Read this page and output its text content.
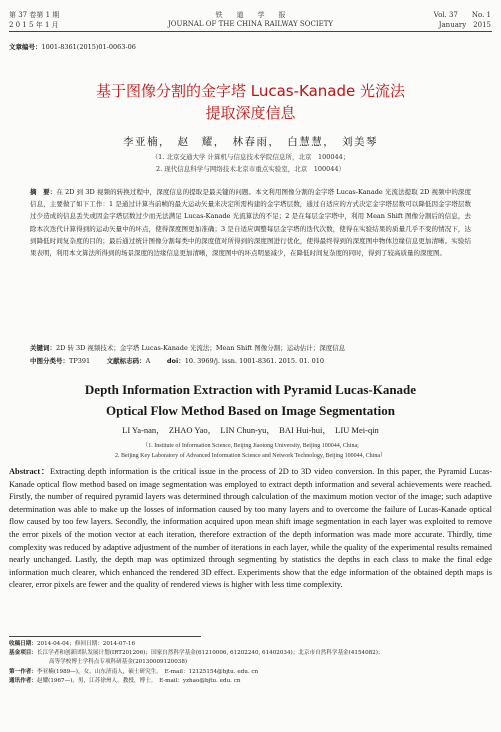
第 37 卷第 1 期	铁　　道　　学　　报	Vol. 37　　No. 1
2 0 1 5 年 1 月	JOURNAL OF THE CHINA RAILWAY SOCIETY	January　2015
文章编号：1001-8361(2015)01-0063-06
基于图像分割的金字塔 Lucas-Kanade 光流法
提取深度信息
李亚楠，　赵　耀，　林春雨，　白慧慧，　刘美琴
（1. 北京交通大学 计算机与信息技术学院信息所，北京　100044；
2. 现代信息科学与网络技术北京市重点实验室，北京　100044）
摘　要：在 2D 到 3D 视频的转换过程中，深度信息的提取是最关键的问题。本文利用图像分割的金字塔 Lucas-Kanade 光流法提取 2D 视频中的深度信息，主要做了如下工作：1 是通过计算当前帧的最大运动矢量来决定所需构建的金字塔层数，通过自适应的方式决定金字塔层数可以降低因金字塔层数过少造成的信息丢失或因金字塔层数过少而无法满足 Lucas-Kanade 光流算法的不足；2 是在每层金字塔中，利用 Mean Shift 图像分割后的信息，去除本次迭代计算得到的运动矢量中的坏点，使得深度图更加准确；3 是自适应调整每层金字塔的迭代次数，使得在实验结果的质量几乎不变的情况下，达到降低时间复杂度的目的；最后通过统计图像分割每类中的深度值对所得到的深度图进行优化，使得最终得到的深度图中物体边缘信息更加清晰。实验结果表明，利用本文算法所得到的场景深度的边缘信息更加清晰，深度图中的坏点明显减少，在降低时间复杂度的同时，得到了较高质量的深度图。
关键词：2D 转 3D 视频技术；金字塔 Lucas-Kanade 光流法；Mean Shift 图像分割；运动估计；深度信息
中图分类号：TP391	文献标志码：A	doi：10. 3969/j. issn. 1001-8361. 2015. 01. 010
Depth Information Extraction with Pyramid Lucas-Kanade
Optical Flow Method Based on Image Segmentation
LI Ya-nan，　ZHAO Yao，　LIN Chun-yu，　BAI Hui-hui，　LIU Mei-qin
（1. Institute of Information Science, Beijing Jiaotong University, Beijing 100044, China;
2. Beijing Key Laboratory of Advanced Information Science and Network Technology, Beijing 100044, China）
Abstract：Extracting depth information is the critical issue in the process of 2D to 3D video conversion. In this paper, the Pyramid Lucas-Kanade optical flow method based on image segmentation was employed to extract depth information and several achievements were reached. Firstly, the number of required pyramid layers was determined through calculation of the maximum motion vector of the image; such adaptive determination was able to make up the losses of information caused by too many layers and to overcome the failure of Lucas-Kanade optical flow caused by too few layers. Secondly, the information acquired upon mean shift image segmentation in each layer was exploited to remove the error pixels of the motion vector at each iteration, therefore extraction of the depth information was made more accurate. Thirdly, time complexity was reduced by adaptive adjustment of the number of iterations in each layer, while the quality of the experimental results remained nearly unchanged. Lastly, the depth map was optimized through segmenting by statistics the depths in each class to make the final edge information much clearer, which enhanced the rendered 3D effect. Experiments show that the edge information of the obtained depth maps is clearer, error pixels are fewer and the quality of rendered views is higher with less time complexity.
收稿日期：2014-04-04；修回日期：2014-07-16
基金项目：长江学者和创新团队发展计划(IRT201206)；国家自然科学基金(61210006, 61202240, 61402034)；北京市自然科学基金(4154082)；
高等学校博士学科点专项科研基金(20130009120038)
第一作者：李亚楠(1989—)，女，山东济南人，硕士研究生。　E-mail：12125154@bjtu. edu. cn
通讯作者：赵耀(1967—)，男，江苏徐州人，教授，博士。　E-mail：yzhao@bjtu. edu. cn
